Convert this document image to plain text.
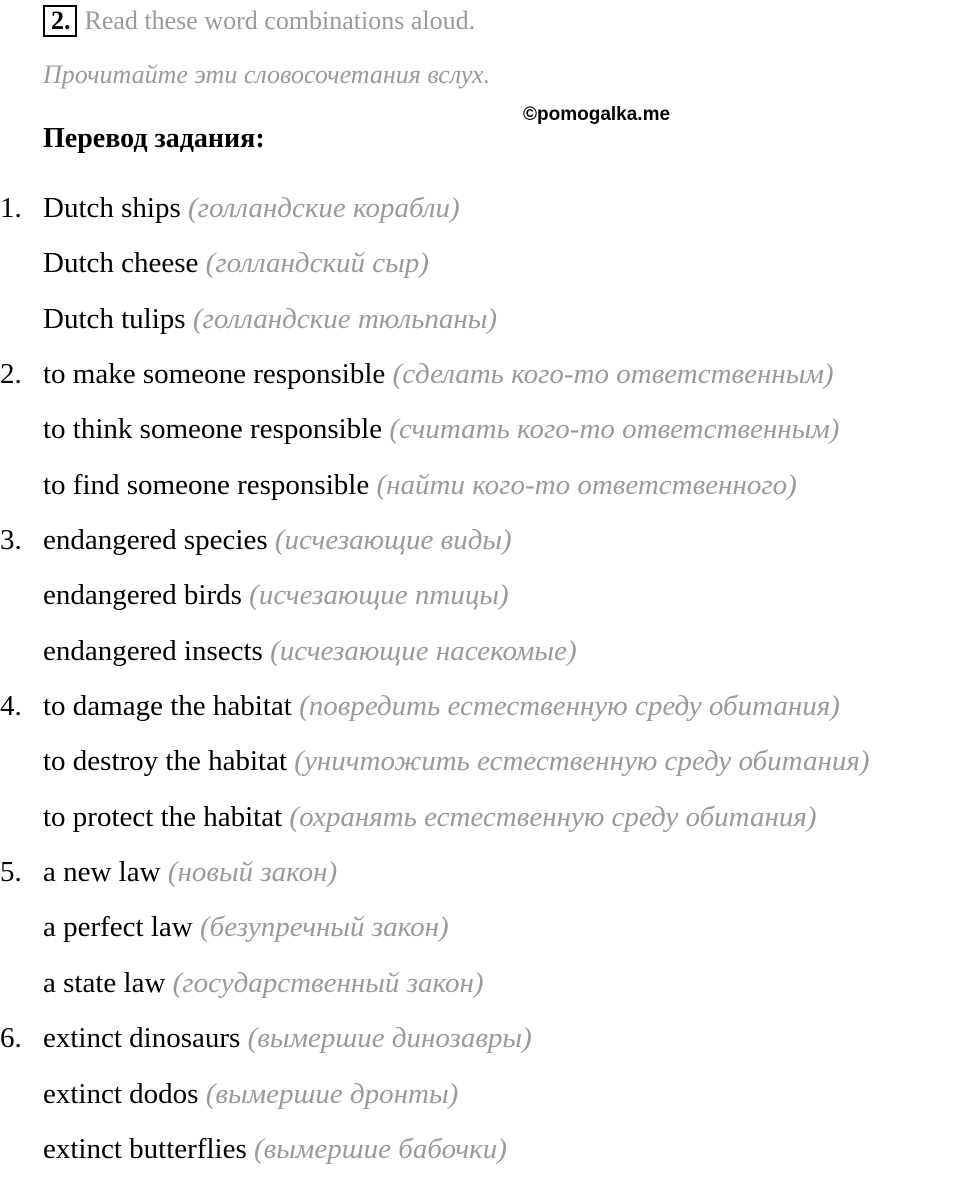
2. Read these word combinations aloud.
Прочитайте эти словосочетания вслух.
©pomogalka.me
Перевод задания:
1. Dutch ships (голландские корабли)
Dutch cheese (голландский сыр)
Dutch tulips (голландские тюльпаны)
2. to make someone responsible (сделать кого-то ответственным)
to think someone responsible (считать кого-то ответственным)
to find someone responsible (найти кого-то ответственного)
3. endangered species (исчезающие виды)
endangered birds (исчезающие птицы)
endangered insects (исчезающие насекомые)
4. to damage the habitat (повредить естественную среду обитания)
to destroy the habitat (уничтожить естественную среду обитания)
to protect the habitat (охранять естественную среду обитания)
5. a new law (новый закон)
a perfect law (безупречный закон)
a state law (государственный закон)
6. extinct dinosaurs (вымершие динозавры)
extinct dodos (вымершие дронты)
extinct butterflies (вымершие бабочки)
